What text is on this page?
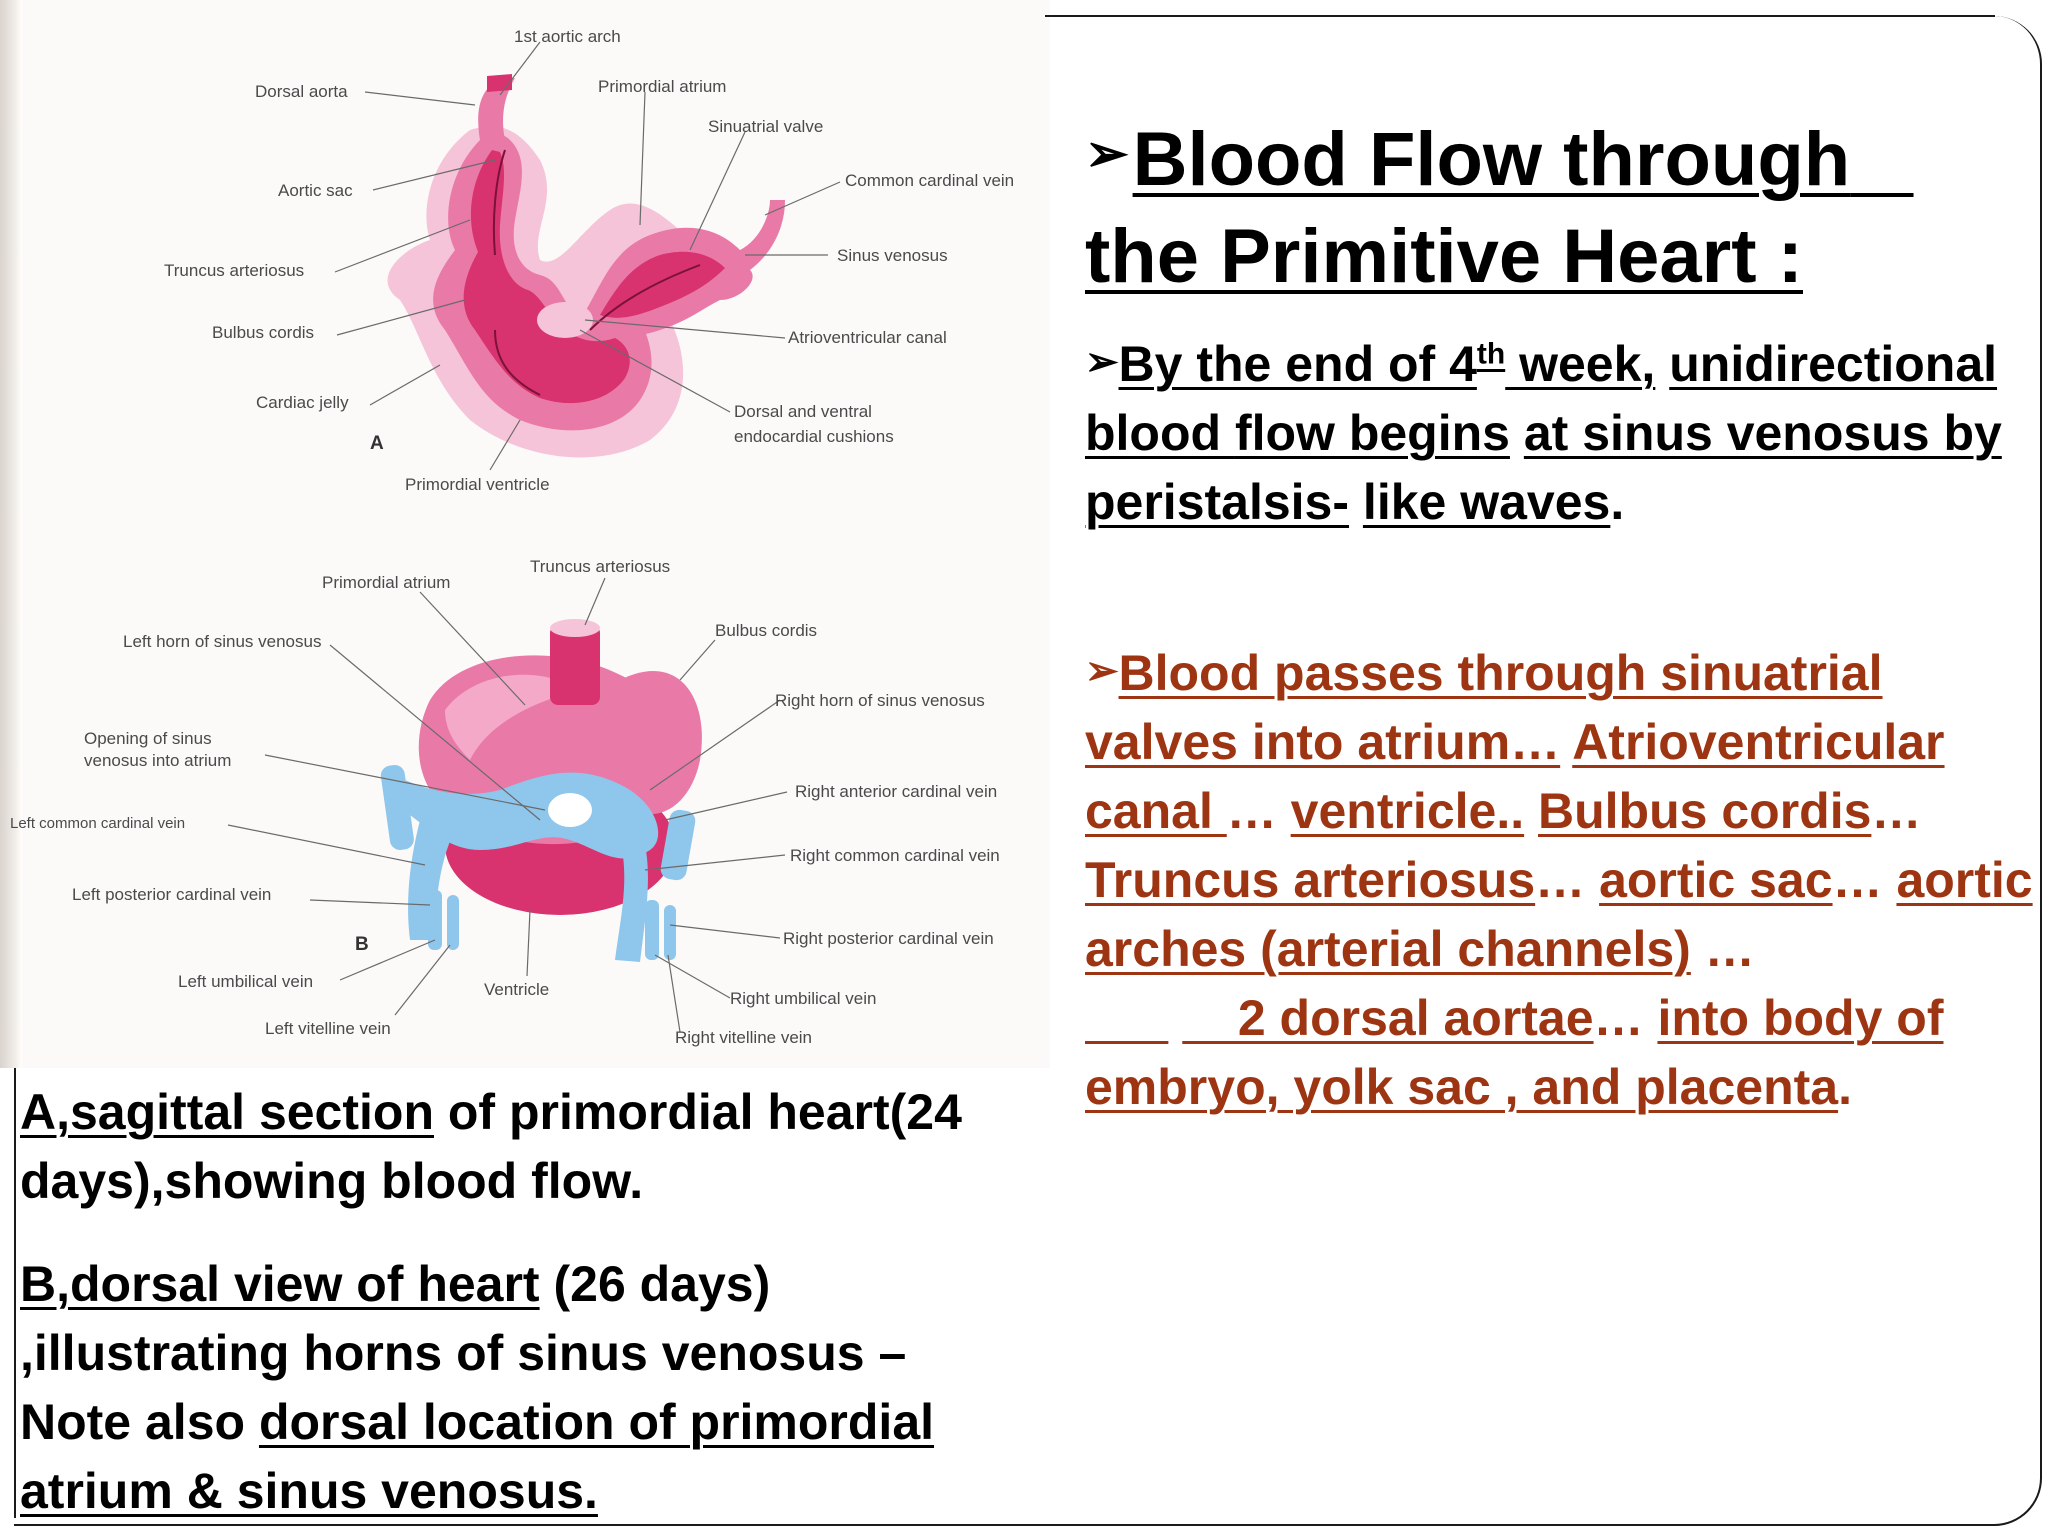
1st aortic arch
Dorsal aorta	Primordial atrium
Sinuatrial valve
Common cardinal vein
Aortic sac
Sinus venosus
Truncus arteriosus
Bulbus cordis	Atrioventricular canal
Cardiac jelly	Dorsal and ventral
endocardial cushions
A
Primordial ventricle
Truncus arteriosus
Primordial atrium
Bulbus cordis
Left horn of sinus venosus
Right horn of sinus venosus
Opening of sinus
venosus into atrium
Right anterior cardinal vein
Left common cardinal vein
Right common cardinal vein
Left posterior cardinal vein
B	Right posterior cardinal vein
Left umbilical vein	Ventricle	Right umbilical vein
Left vitelline vein	Right vitelline vein
➢Blood Flow through
the Primitive Heart :
➢By the end of 4th week, unidirectional blood flow begins at sinus venosus by peristalsis- like waves.
➢Blood passes through sinuatrial valves into atrium… Atrioventricular canal … ventricle.. Bulbus cordis… Truncus arteriosus… aortic sac… aortic arches (arterial channels) …           2 dorsal aortae… into body of embryo, yolk sac , and placenta.
A,sagittal section of primordial heart(24 days),showing blood flow.
B,dorsal view of heart (26 days) ,illustrating horns of sinus venosus – Note also dorsal location of primordial atrium & sinus venosus.
